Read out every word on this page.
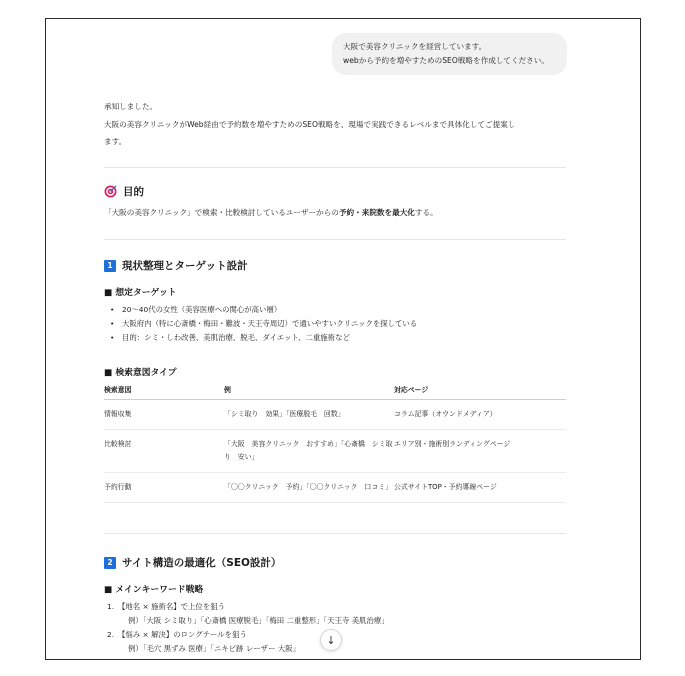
大阪で美容クリニックを経営しています。
webから予約を増やすためのSEO戦略を作成してください。
承知しました。
大阪の美容クリニックがWeb経由で予約数を増やすためのSEO戦略を、現場で実践できるレベルまで具体化してご提案し
ます。
目的
「大阪の美容クリニック」で検索・比較検討しているユーザーからの予約・来院数を最大化する。
1 現状整理とターゲット設計
■ 想定ターゲット
• 20〜40代の女性（美容医療への関心が高い層）
• 大阪府内（特に心斎橋・梅田・難波・天王寺周辺）で通いやすいクリニックを探している
• 目的：シミ・しわ改善、美肌治療、脱毛、ダイエット、二重施術など
■ 検索意図タイプ
検索意図	例	対応ページ
情報収集	「シミ取り　効果」「医療脱毛　回数」	コラム記事（オウンドメディア）
比較検討	「大阪　美容クリニック　おすすめ」「心斎橋　シミ取り　安い」	エリア別・施術別ランディングページ
予約行動	「〇〇クリニック　予約」「〇〇クリニック　口コミ」	公式サイトTOP・予約導線ページ
2 サイト構造の最適化（SEO設計）
■ メインキーワード戦略
1. 【地名 × 施術名】で上位を狙う
例）「大阪 シミ取り」「心斎橋 医療脱毛」「梅田 二重整形」「天王寺 美肌治療」
2. 【悩み × 解決】のロングテールを狙う
例）「毛穴 黒ずみ 医療」「ニキビ跡 レーザー 大阪」
↓
